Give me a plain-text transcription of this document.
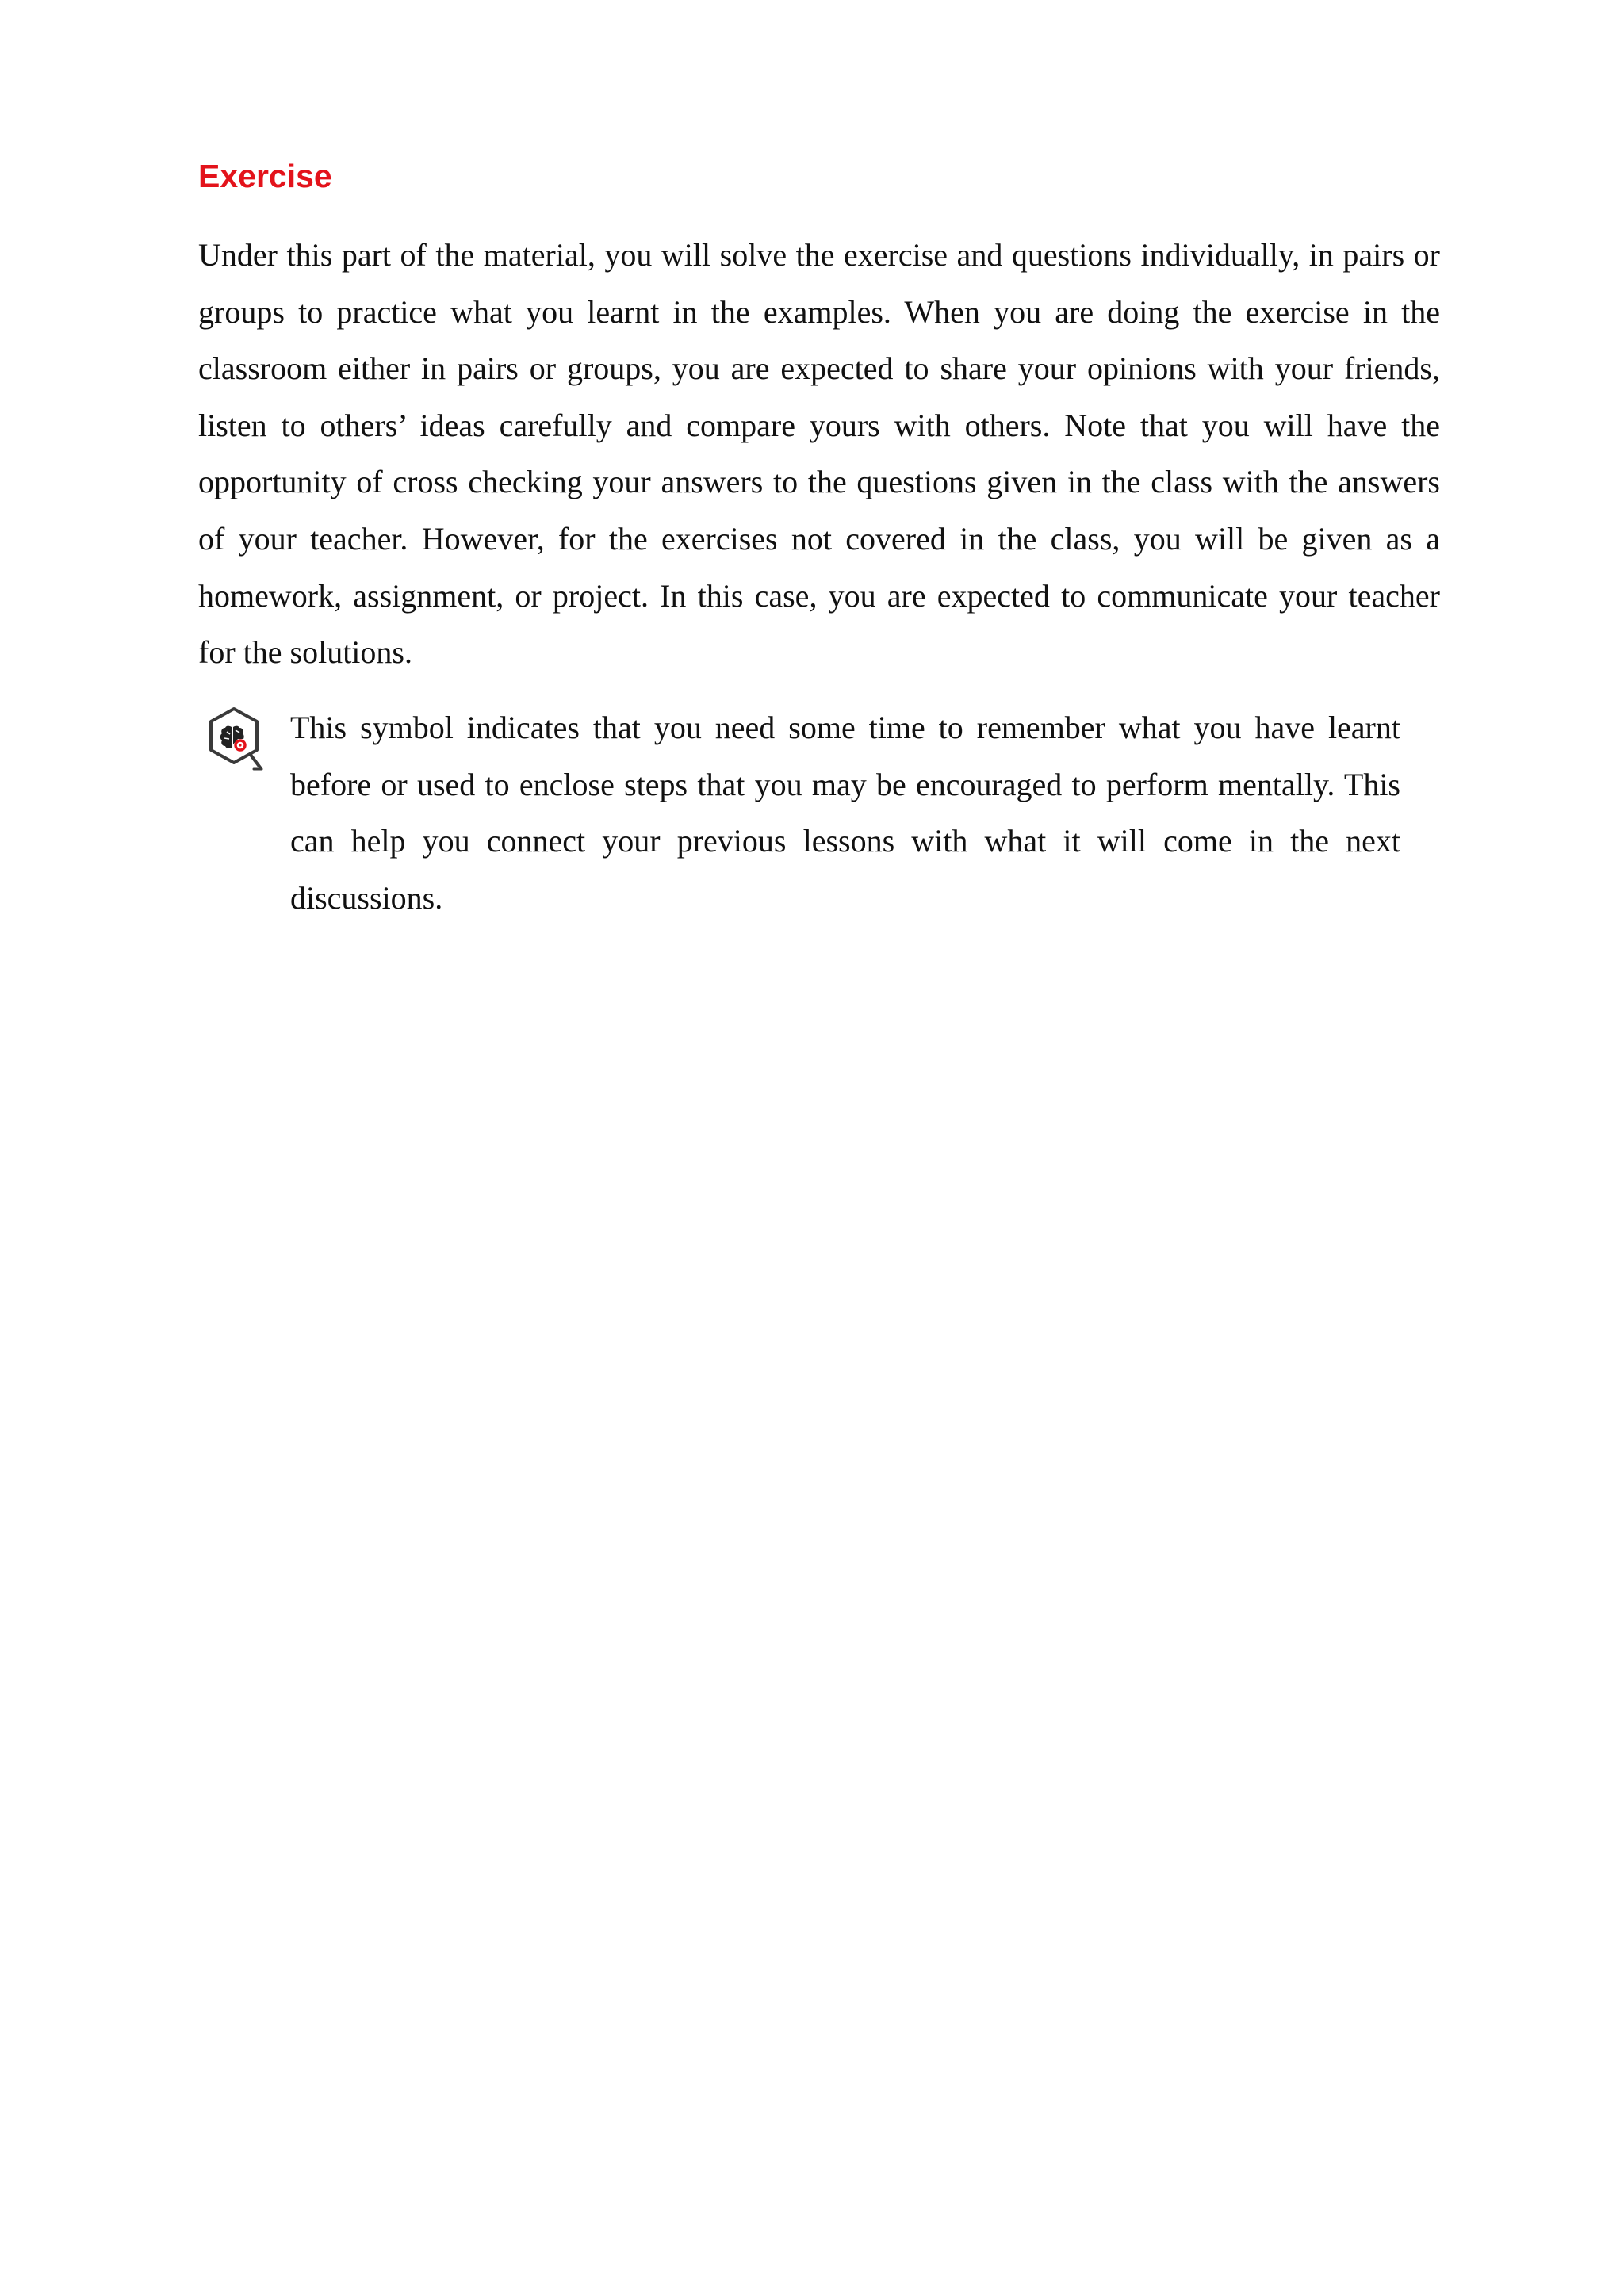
Exercise

Under this part of the material, you will solve the exercise and questions individually, in pairs or groups to practice what you learnt in the examples. When you are doing the exercise in the classroom either in pairs or groups, you are expected to share your opinions with your friends, listen to others’ ideas carefully and compare yours with others. Note that you will have the opportunity of cross checking your answers to the questions given in the class with the answers of your teacher. However, for the exercises not covered in the class, you will be given as a homework, assignment, or project. In this case, you are expected to communicate your teacher for the solutions.

This symbol indicates that you need some time to remember what you have learnt before or used to enclose steps that you may be encouraged to perform mentally. This can help you connect your previous lessons with what it will come in the next discussions.
